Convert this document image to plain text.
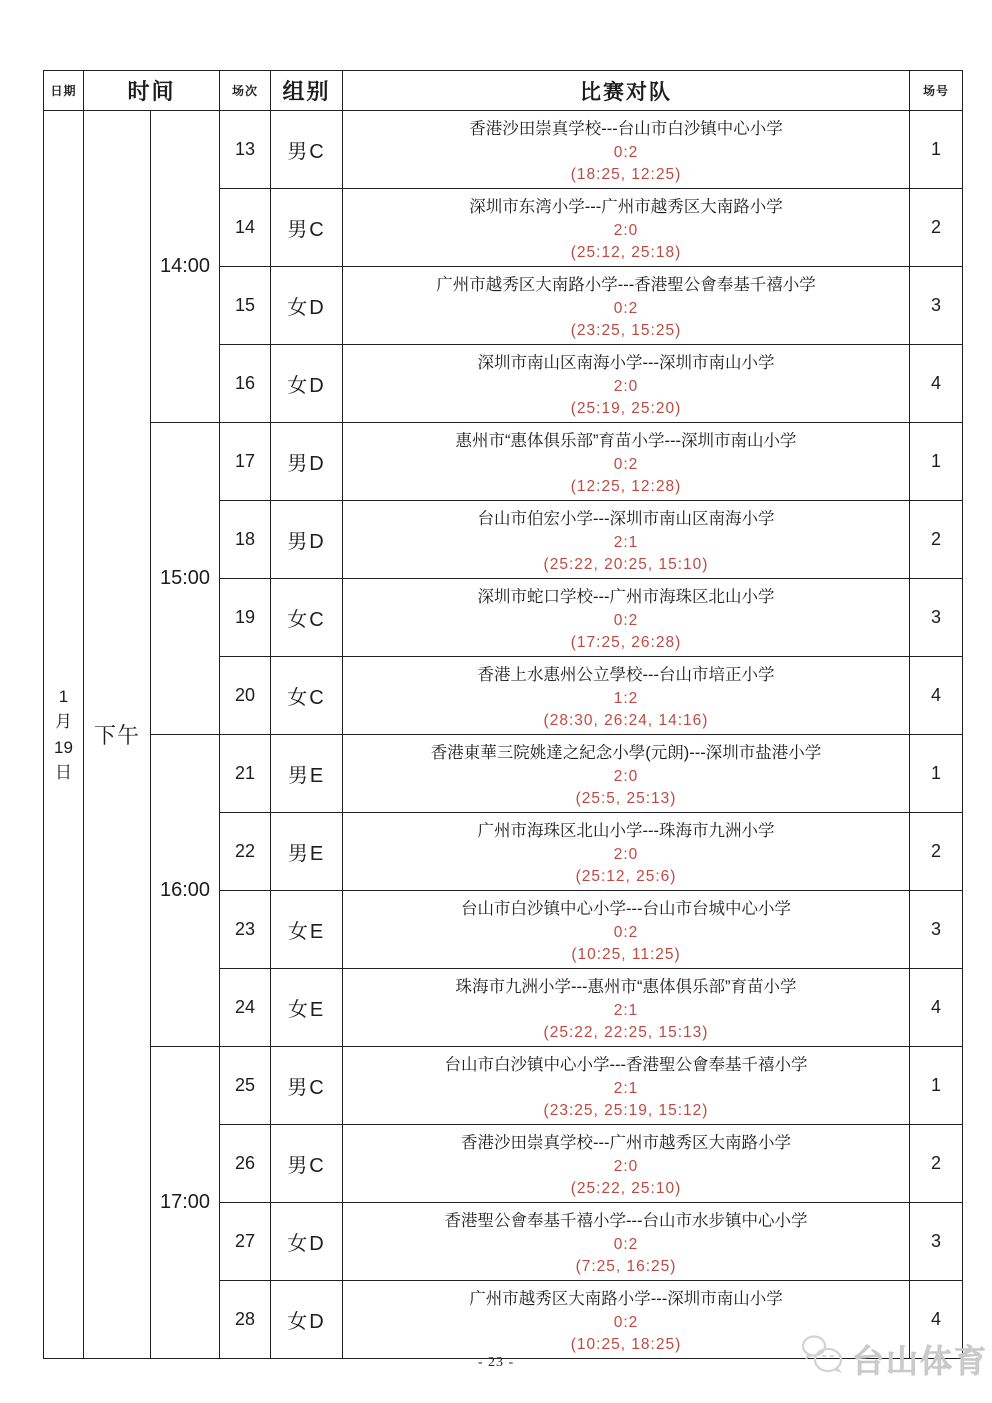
日期	时间		场次	组别	比赛对队	场号

1
月
19
日
	下午	14:00	13	男C	
香港沙田崇真学校---台山市白沙镇中心小学
0:2
(18:25, 12:25)
	1
			14	男C	深圳市东湾小学---广州市越秀区大南路小学
2:0
(25:12, 25:18)	2
			15	女D	广州市越秀区大南路小学---香港聖公會奉基千禧小学
0:2
(23:25, 15:25)	3
			16	女D	深圳市南山区南海小学---深圳市南山小学
2:0
(25:19, 25:20)	4
		15:00	17	男D	惠州市“惠体俱乐部”育苗小学---深圳市南山小学
0:2
(12:25, 12:28)	1
			18	男D	台山市伯宏小学---深圳市南山区南海小学
2:1
(25:22, 20:25, 15:10)	2
			19	女C	深圳市蛇口学校---广州市海珠区北山小学
0:2
(17:25, 26:28)	3
			20	女C	香港上水惠州公立學校---台山市培正小学
1:2
(28:30, 26:24, 14:16)	4
		16:00	21	男E	香港東華三院姚達之紀念小學(元朗)---深圳市盐港小学
2:0
(25:5, 25:13)	1
			22	男E	广州市海珠区北山小学---珠海市九洲小学
2:0
(25:12, 25:6)	2
			23	女E	台山市白沙镇中心小学---台山市台城中心小学
0:2
(10:25, 11:25)	3
			24	女E	珠海市九洲小学---惠州市“惠体俱乐部”育苗小学
2:1
(25:22, 22:25, 15:13)	4
		17:00	25	男C	台山市白沙镇中心小学---香港聖公會奉基千禧小学
2:1
(23:25, 25:19, 15:12)	1
			26	男C	香港沙田崇真学校---广州市越秀区大南路小学
2:0
(25:22, 25:10)	2
			27	女D	香港聖公會奉基千禧小学---台山市水步镇中心小学
0:2
(7:25, 16:25)	3
			28	女D	广州市越秀区大南路小学---深圳市南山小学
0:2
(10:25, 18:25)	4
- 23 -	台山体育
